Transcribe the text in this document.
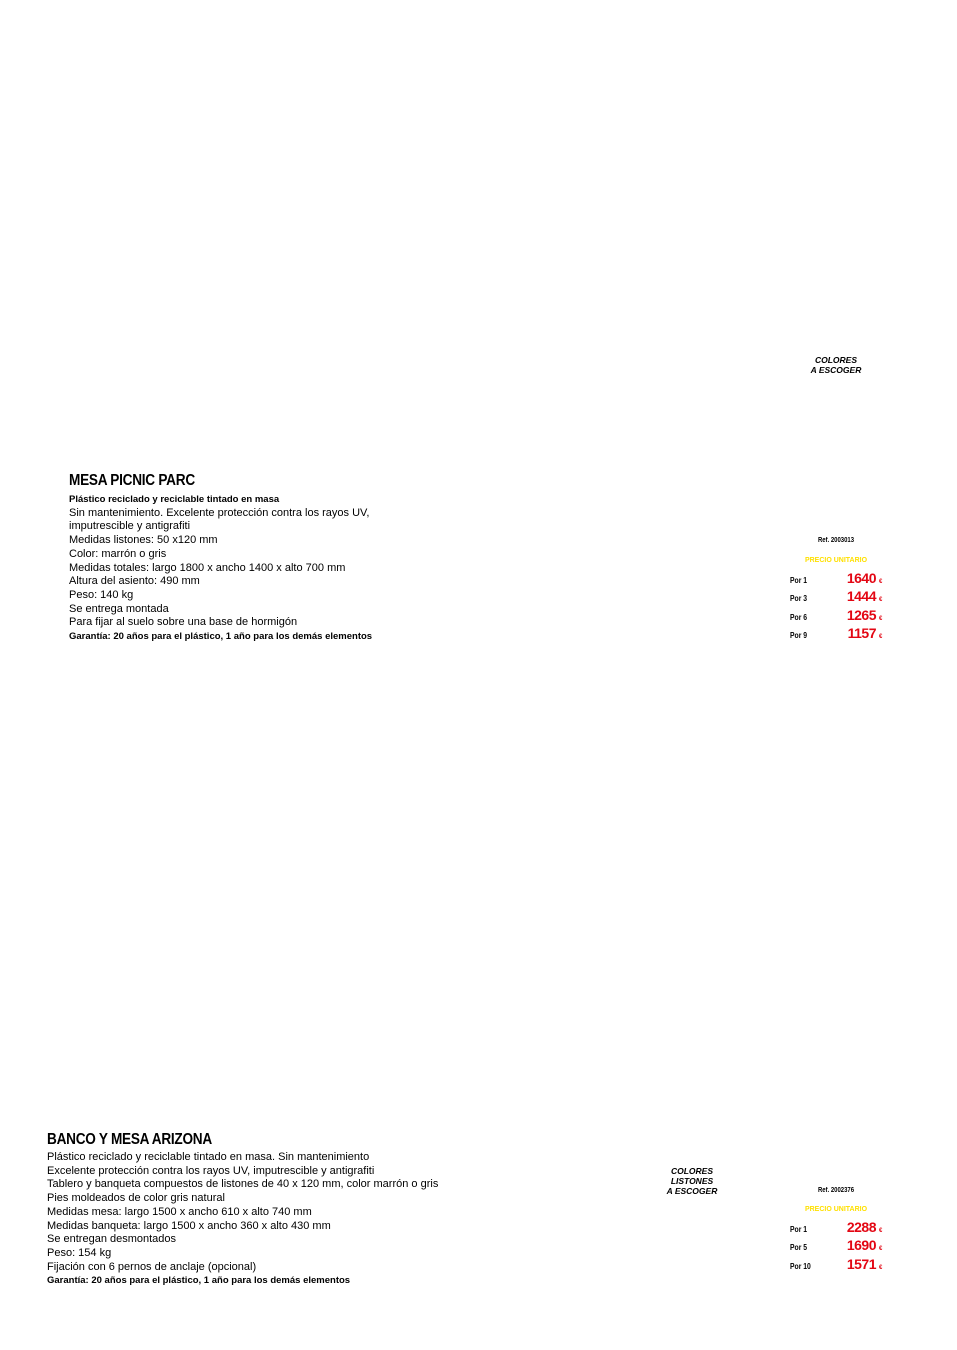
COLORES
A ESCOGER
MESA PICNIC PARC
Plástico reciclado y reciclable tintado en masa
Sin mantenimiento. Excelente protección contra los rayos UV,
imputrescible y antigrafiti
Medidas listones: 50 x120 mm
Color: marrón o gris
Medidas totales: largo 1800 x ancho 1400 x alto 700 mm
Altura del asiento: 490 mm
Peso: 140 kg
Se entrega montada
Para fijar al suelo sobre una base de hormigón
Garantía: 20 años para el plástico, 1 año para los demás elementos
Ref. 2003013
PRECIO UNITARIO
Por 1	1640 €
Por 3	1444 €
Por 6	1265 €
Por 9	1157 €
BANCO Y MESA ARIZONA
Plástico reciclado y reciclable tintado en masa. Sin mantenimiento
Excelente protección contra los rayos UV, imputrescible y antigrafiti
Tablero y banqueta compuestos de listones de 40 x 120 mm, color marrón o gris
Pies moldeados de color gris natural
Medidas mesa: largo 1500 x ancho 610 x alto 740 mm
Medidas banqueta: largo 1500 x ancho 360 x alto 430 mm
Se entregan desmontados
Peso: 154 kg
Fijación con 6 pernos de anclaje (opcional)
Garantía: 20 años para el plástico, 1 año para los demás elementos
COLORES
LISTONES
A ESCOGER	Ref. 2002376
PRECIO UNITARIO
Por 1	2288 €
Por 5	1690 €
Por 10	1571 €
